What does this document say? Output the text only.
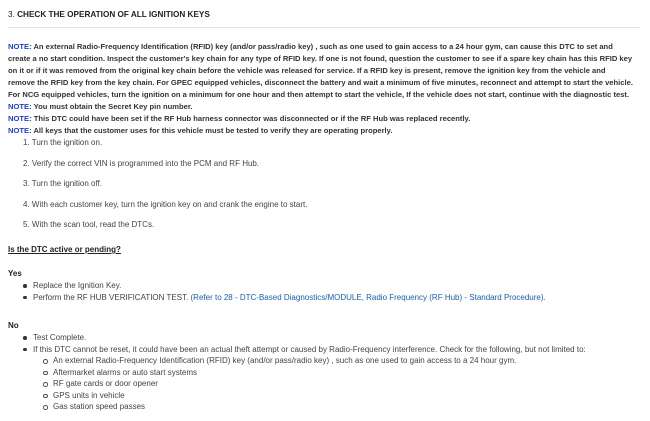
3. CHECK THE OPERATION OF ALL IGNITION KEYS
NOTE: An external Radio-Frequency Identification (RFID) key (and/or pass/radio key) , such as one used to gain access to a 24 hour gym, can cause this DTC to set and
create a no start condition. Inspect the customer's key chain for any type of RFID key. If one is not found, question the customer to see if a spare key chain has this RFID key
on it or if it was removed from the original key chain before the vehicle was released for service. If a RFID key is present, remove the ignition key from the vehicle and
remove the RFID key from the key chain. For GPEC equipped vehicles, disconnect the battery and wait a minimum of five minutes, reconnect and attempt to start the vehicle.
For NCG equipped vehicles, turn the ignition on a minimum for one hour and then attempt to start the vehicle, If the vehicle does not start, continue with the diagnostic test.
NOTE: You must obtain the Secret Key pin number.
NOTE: This DTC could have been set if the RF Hub harness connector was disconnected or if the RF Hub was replaced recently.
NOTE: All keys that the customer uses for this vehicle must be tested to verify they are operating properly.
1. Turn the ignition on.
2. Verify the correct VIN is programmed into the PCM and RF Hub.
3. Turn the ignition off.
4. With each customer key, turn the ignition key on and crank the engine to start.
5. With the scan tool, read the DTCs.
Is the DTC active or pending?
Yes
Replace the Ignition Key.
Perform the RF HUB VERIFICATION TEST. (Refer to 28 - DTC-Based Diagnostics/MODULE, Radio Frequency (RF Hub) - Standard Procedure).
No
Test Complete.
If this DTC cannot be reset, it could have been an actual theft attempt or caused by Radio-Frequency interference. Check for the following, but not limited to:
An external Radio-Frequency Identification (RFID) key (and/or pass/radio key) , such as one used to gain access to a 24 hour gym.
Aftermarket alarms or auto start systems
RF gate cards or door opener
GPS units in vehicle
Gas station speed passes
